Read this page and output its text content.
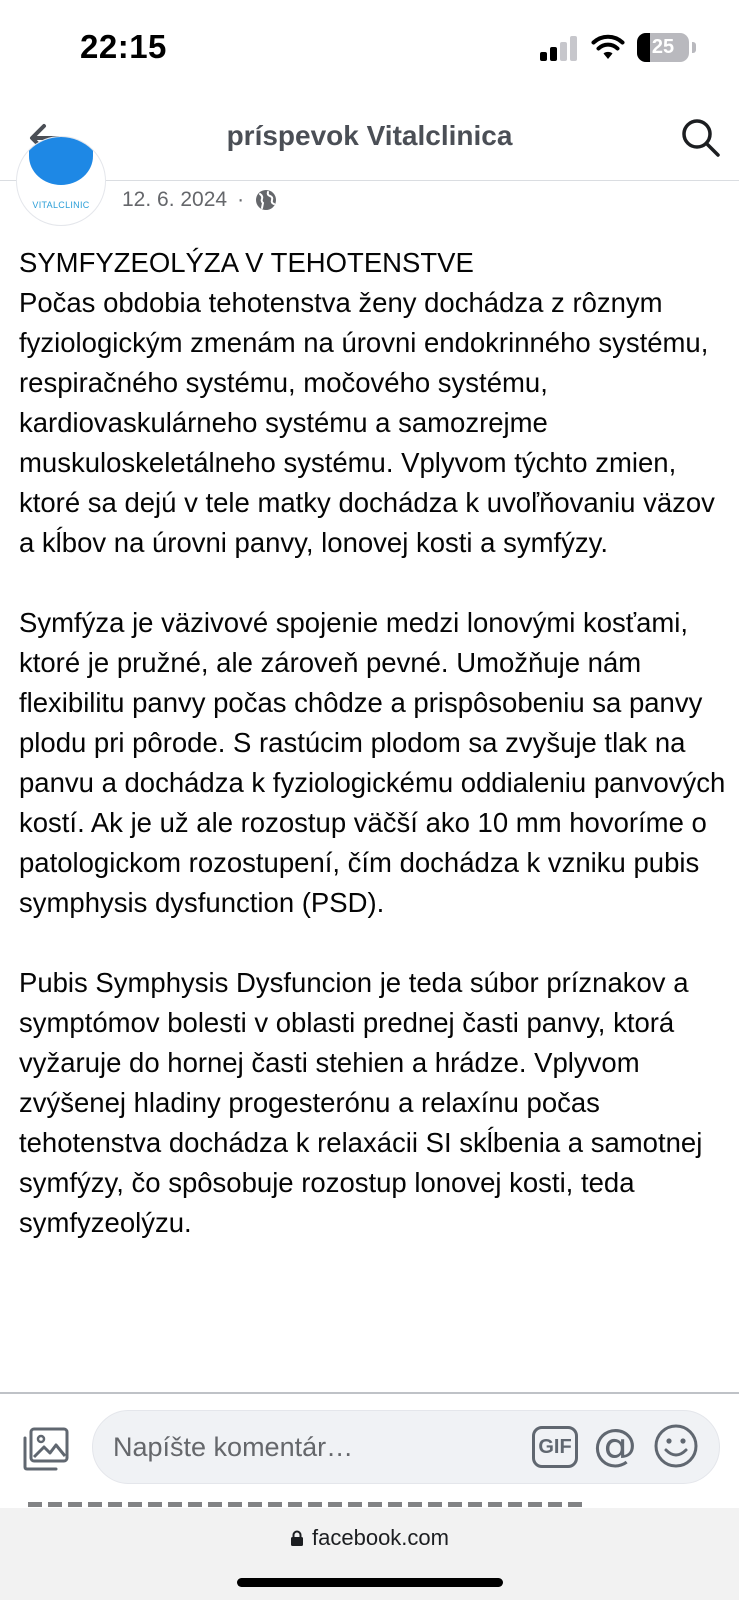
22:15	25
príspevok Vitalclinica
VITALCLINIC	12. 6. 2024 ·
SYMFYZEOLÝZA V TEHOTENSTVE

Počas obdobia tehotenstva ženy dochádza z rôznym fyziologickým zmenám na úrovni endokrinného systému, respiračného systému, močového systému, kardiovaskulárneho systému a samozrejme muskuloskeletálneho systému. Vplyvom týchto zmien, ktoré sa dejú v tele matky dochádza k uvoľňovaniu väzov a kĺbov na úrovni panvy, lonovej kosti a symfýzy.

Symfýza je väzivové spojenie medzi lonovými kosťami, ktoré je pružné, ale zároveň pevné. Umožňuje nám flexibilitu panvy počas chôdze a prispôsobeniu sa panvy plodu pri pôrode. S rastúcim plodom sa zvyšuje tlak na panvu a dochádza k fyziologickému oddialeniu panvových kostí. Ak je už ale rozostup väčší ako 10 mm hovoríme o patologickom rozostupení, čím dochádza k vzniku pubis symphysis dysfunction (PSD).

Pubis Symphysis Dysfuncion je teda súbor príznakov a symptómov bolesti v oblasti prednej časti panvy, ktorá vyžaruje do hornej časti stehien a hrádze. Vplyvom zvýšenej hladiny progesterónu a relaxínu počas tehotenstva dochádza k relaxácii SI skĺbenia a samotnej symfýzy, čo spôsobuje rozostup lonovej kosti, teda symfyzeolýzu.

Napíšte komentár…	GIF @
facebook.com
